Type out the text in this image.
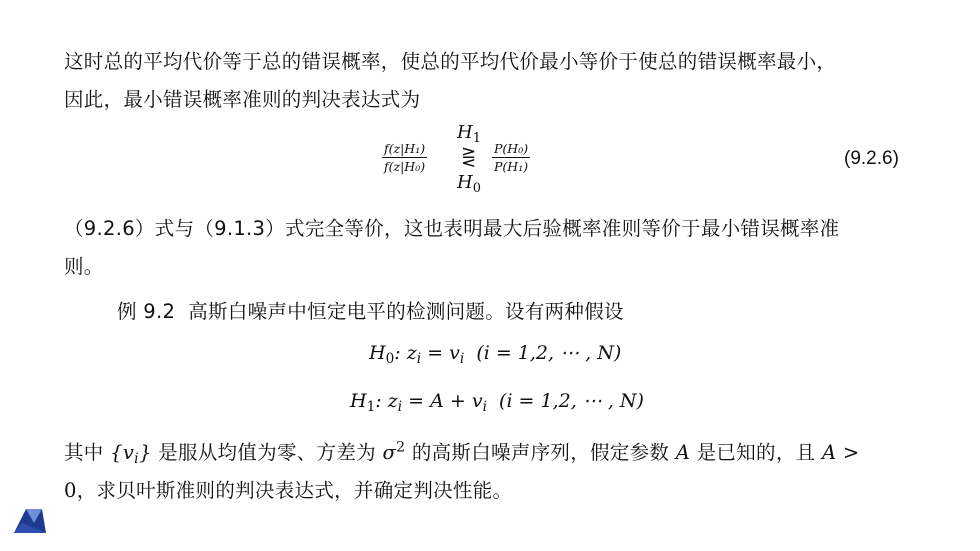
这时总的平均代价等于总的错误概率，使总的平均代价最小等价于使总的错误概率最小，
因此，最小错误概率准则的判决表达式为
$\frac{\text{f(z|H₁)}}{\text{f(z|H₀)}}$
$H_1$
⋛
$H_0$
$\frac{\text{P(H₀)}}{\text{P(H₁)}}$	(9.2.6)
（9.2.6）式与（9.1.3）式完全等价，这也表明最大后验概率准则等价于最小错误概率准
则。
例 9.2 高斯白噪声中恒定电平的检测问题。设有两种假设
$H_0$: $z_i = v_i$ (i = 1,2, ⋯ , N)
$H_1$: $z_i = A + v_i$ (i = 1,2, ⋯ , N)
其中 $\{v_i\}$ 是服从均值为零、方差为 $\sigma^2$ 的高斯白噪声序列，假定参数 A 是已知的，且 A >
0，求贝叶斯准则的判决表达式，并确定判决性能。
